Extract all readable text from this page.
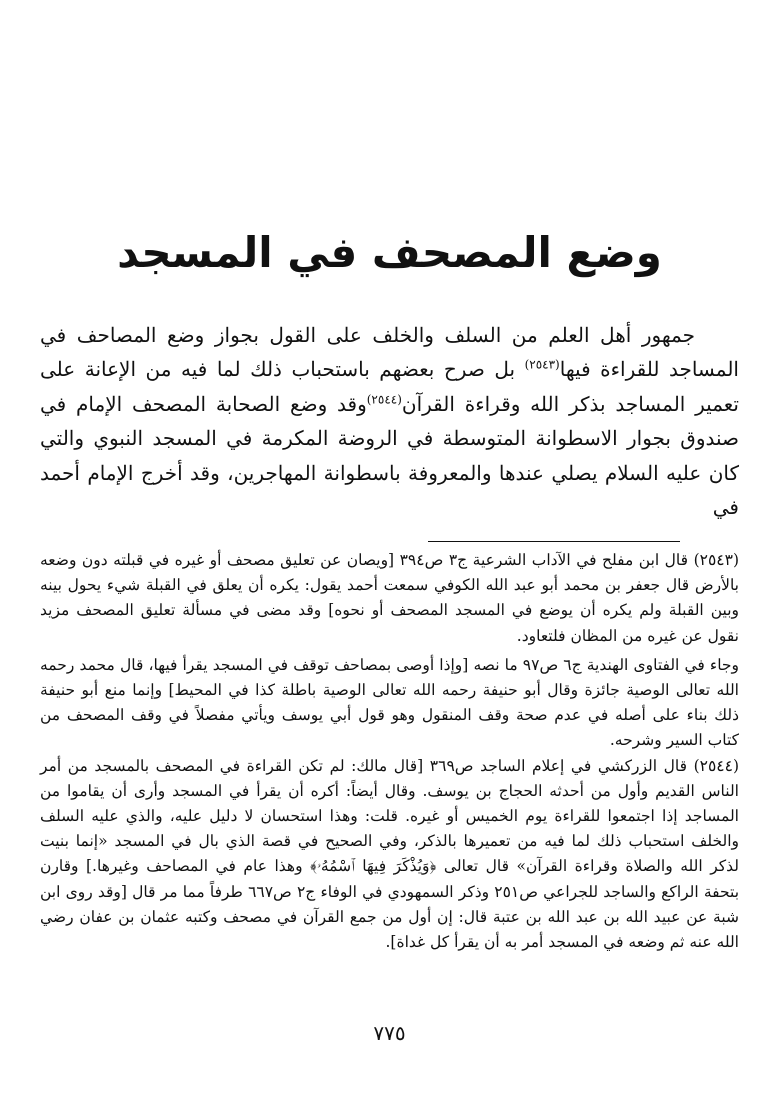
وضع المصحف في المسجد
جمهور أهل العلم من السلف والخلف على القول بجواز وضع المصاحف في المساجد للقراءة فيها$^{(٢٥٤٣)}$ بل صرح بعضهم باستحباب ذلك لما فيه من الإعانة على تعمير المساجد بذكر الله وقراءة القرآن$^{(٢٥٤٤)}$وقد وضع الصحابة المصحف الإمام في صندوق بجوار الاسطوانة المتوسطة في الروضة المكرمة في المسجد النبوي والتي كان عليه السلام يصلي عندها والمعروفة باسطوانة المهاجرين، وقد أخرج الإمام أحمد في

(٢٥٤٣) قال ابن مفلح في الآداب الشرعية ج٣ ص٣٩٤ [ويصان عن تعليق مصحف أو غيره في قبلته دون وضعه بالأرض قال جعفر بن محمد أبو عبد الله الكوفي سمعت أحمد يقول: يكره أن يعلق في القبلة شيء يحول بينه وبين القبلة ولم يكره أن يوضع في المسجد المصحف أو نحوه] وقد مضى في مسألة تعليق المصحف مزيد نقول عن غيره من المظان فلتعاود.

وجاء في الفتاوى الهندية ج٦ ص٩٧ ما نصه [وإذا أوصى بمصاحف توقف في المسجد يقرأ فيها، قال محمد رحمه الله تعالى الوصية جائزة وقال أبو حنيفة رحمه الله تعالى الوصية باطلة كذا في المحيط] وإنما منع أبو حنيفة ذلك بناء على أصله في عدم صحة وقف المنقول وهو قول أبي يوسف ويأتي مفصلاً في وقف المصحف من كتاب السير وشرحه.

(٢٥٤٤) قال الزركشي في إعلام الساجد ص٣٦٩ [قال مالك: لم تكن القراءة في المصحف بالمسجد من أمر الناس القديم وأول من أحدثه الحجاج بن يوسف. وقال أيضاً: أكره أن يقرأ في المسجد وأرى أن يقاموا من المساجد إذا اجتمعوا للقراءة يوم الخميس أو غيره. قلت: وهذا استحسان لا دليل عليه، والذي عليه السلف والخلف استحباب ذلك لما فيه من تعميرها بالذكر، وفي الصحيح في قصة الذي بال في المسجد «إنما بنيت لذكر الله والصلاة وقراءة القرآن» قال تعالى ﴿وَيُذْكَرَ فِيهَا ٱسْمُهُۥ﴾ وهذا عام في المصاحف وغيرها.] وقارن بتحفة الراكع والساجد للجراعي ص٢٥١ وذكر السمهودي في الوفاء ج٢ ص٦٦٧ طرفاً مما مر قال [وقد روى ابن شبة عن عبيد الله بن عبد الله بن عتبة قال: إن أول من جمع القرآن في مصحف وكتبه عثمان بن عفان رضي الله عنه ثم وضعه في المسجد أمر به أن يقرأ كل غداة].

٧٧٥
